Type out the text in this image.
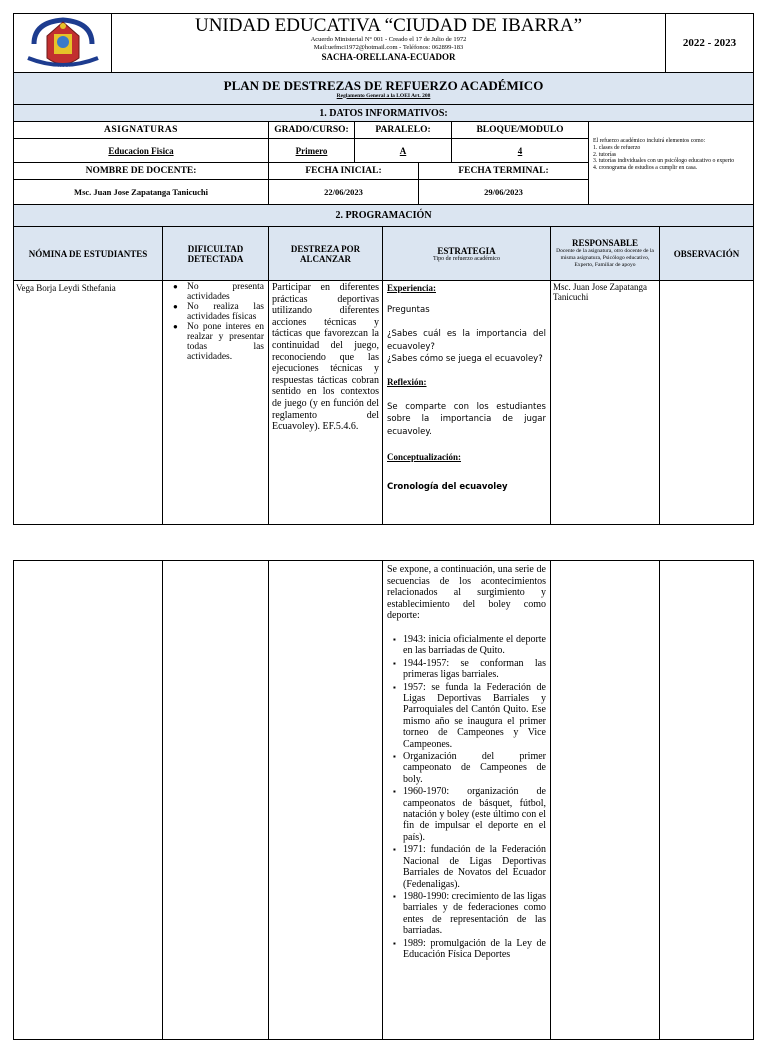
LA LUZ DE MIS ACCIONES
UNIDAD EDUCATIVA “CIUDAD DE IBARRA”
Acuerdo Ministerial N° 001 - Creado el 17 de Julio de 1972
Mail:uefmci1972@hotmail.com - Teléfonos: 062899-183
SACHA-ORELLANA-ECUADOR
2022 - 2023
PLAN DE DESTREZAS DE REFUERZO ACADÉMICO
Reglamento General a la LOEI Art. 208
1. DATOS INFORMATIVOS:
ASIGNATURAS	GRADO/CURSO:	PARALELO:	BLOQUE/MODULO
Educacion Fisica	Primero	A	4
NOMBRE DE DOCENTE:	FECHA INICIAL:	FECHA TERMINAL:
Msc. Juan Jose Zapatanga Tanicuchi	22/06/2023	29/06/2023
El refuerzo académico incluirá elementos como:
1. clases de refuerzo
2. tutorías
3. tutorías individuales con un psicólogo educativo o experto
4. cronograma de estudios a cumplir en casa.
2. PROGRAMACIÓN
NÓMINA DE ESTUDIANTES	DIFICULTAD DETECTADA
DESTREZA POR ALCANZAR
ESTRATEGIA
Tipo de refuerzo académico
RESPONSABLE
Docente de la asignatura, otro docente de la misma asignatura, Psicólogo educativo, Experto, Familiar de apoyo
OBSERVACIÓN
Vega Borja Leydi Sthefania
●	No presenta actividades
● No realiza las actividades físicas
● No pone interes en realzar y presentar todas las actividades.
Participar en diferentes prácticas deportivas utilizando diferentes acciones técnicas y tácticas que favorezcan la continuidad del juego, reconociendo que las ejecuciones técnicas y respuestas tácticas cobran sentido en los contextos de juego (y en función del reglamento del Ecuavoley). EF.5.4.6.
Experiencia:
Preguntas
¿Sabes cuál es la importancia del ecuavoley?
¿Sabes cómo se juega el ecuavoley?
Reflexión:
Se comparte con los estudiantes sobre la importancia de jugar ecuavoley.
Conceptualización:
Cronología del ecuavoley
Msc. Juan Jose Zapatanga Tanicuchi
Se expone, a continuación, una serie de secuencias de los acontecimientos relacionados al surgimiento y establecimiento del boley como deporte:
▪ 1943: inicia oficialmente el deporte en las barriadas de Quito.
▪ 1944-1957: se conforman las primeras ligas barriales.
▪ 1957: se funda la Federación de Ligas Deportivas Barriales y Parroquiales del Cantón Quito. Ese mismo año se inaugura el primer torneo de Campeones y Vice Campeones.
▪ Organización del primer campeonato de Campeones de boly.
▪ 1960-1970: organización de campeonatos de básquet, fútbol, natación y boley (este último con el fin de impulsar el deporte en el país).
▪ 1971: fundación de la Federación Nacional de Ligas Deportivas Barriales de Novatos del Ecuador (Fedenaligas).
▪ 1980-1990: crecimiento de las ligas barriales y de federaciones como entes de representación de las barriadas.
▪ 1989: promulgación de la Ley de Educación Física Deportes
